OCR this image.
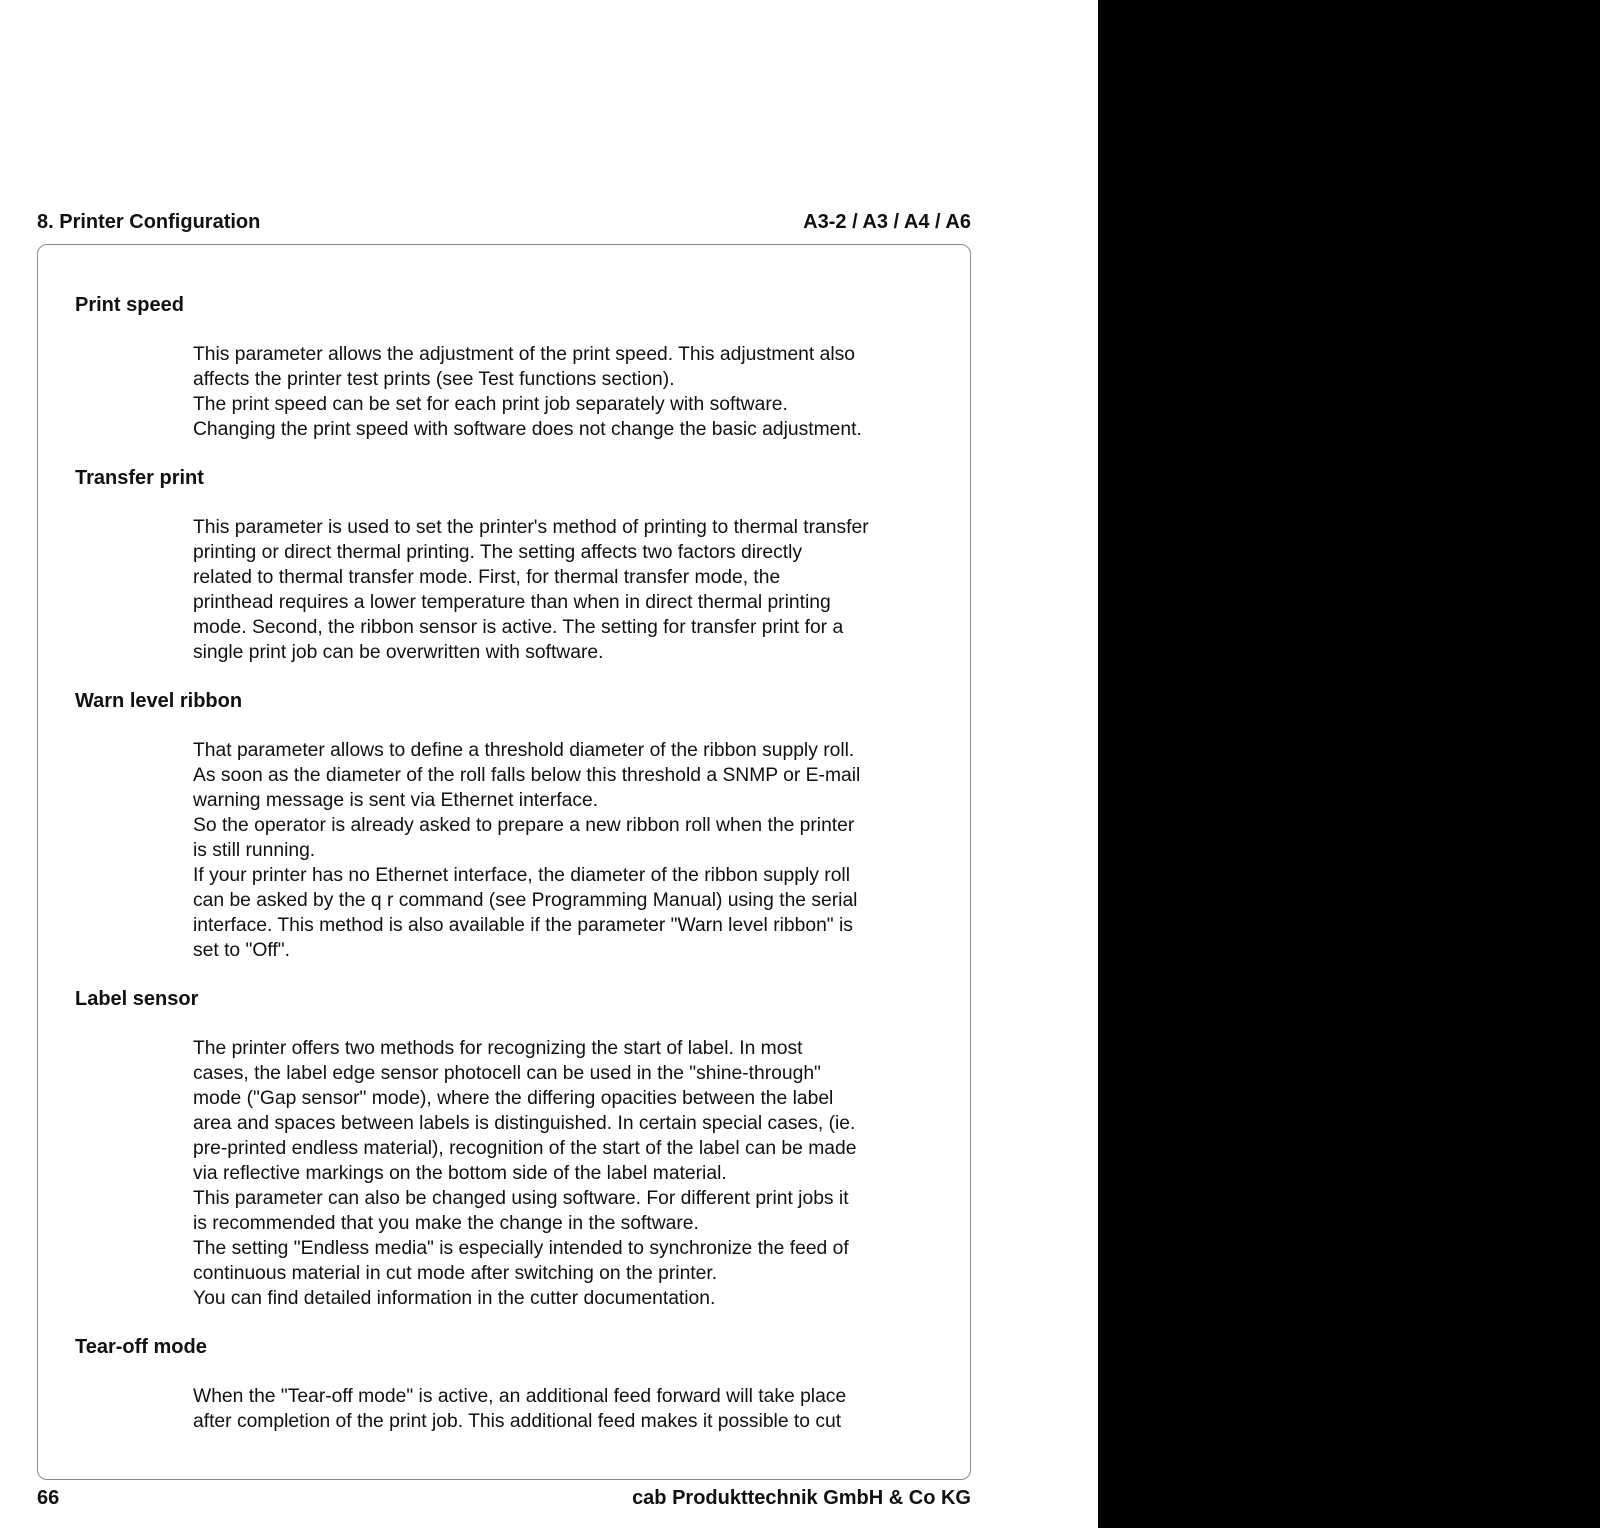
8. Printer Configuration	A3-2 / A3 / A4 / A6
Print speed
This parameter allows the adjustment of the print speed. This adjustment also
affects the printer test prints (see Test functions section).
The print speed can be set for each print job separately with software.
Changing the print speed with software does not change the basic adjustment.
Transfer print
This parameter is used to set the printer's method of printing to thermal transfer
printing or direct thermal printing. The setting affects two factors directly
related to thermal transfer mode. First, for thermal transfer mode, the
printhead requires a lower temperature than when in direct thermal printing
mode. Second, the ribbon sensor is active. The setting for transfer print for a
single print job can be overwritten with software.
Warn level ribbon
That parameter allows to define a threshold diameter of the ribbon supply roll.
As soon as the diameter of the roll falls below this threshold a SNMP or E-mail
warning message is sent via Ethernet interface.
So the operator is already asked to prepare a new ribbon roll when the printer
is still running.
If your printer has no Ethernet interface, the diameter of the ribbon supply roll
can be asked by the q r command (see Programming Manual) using the serial
interface. This method is also available if the parameter "Warn level ribbon" is
set to "Off".
Label sensor
The printer offers two methods for recognizing the start of label. In most
cases, the label edge sensor photocell can be used in the "shine-through"
mode ("Gap sensor" mode), where the differing opacities between the label
area and spaces between labels is distinguished. In certain special cases, (ie.
pre-printed endless material), recognition of the start of the label can be made
via reflective markings on the bottom side of the label material.
This parameter can also be changed using software. For different print jobs it
is recommended that you make the change in the software.
The setting "Endless media" is especially intended to synchronize the feed of
continuous material in cut mode after switching on the printer.
You can find detailed information in the cutter documentation.
Tear-off mode
When the "Tear-off mode" is active, an additional feed forward will take place
after completion of the print job. This additional feed makes it possible to cut
66	cab Produkttechnik GmbH & Co KG
